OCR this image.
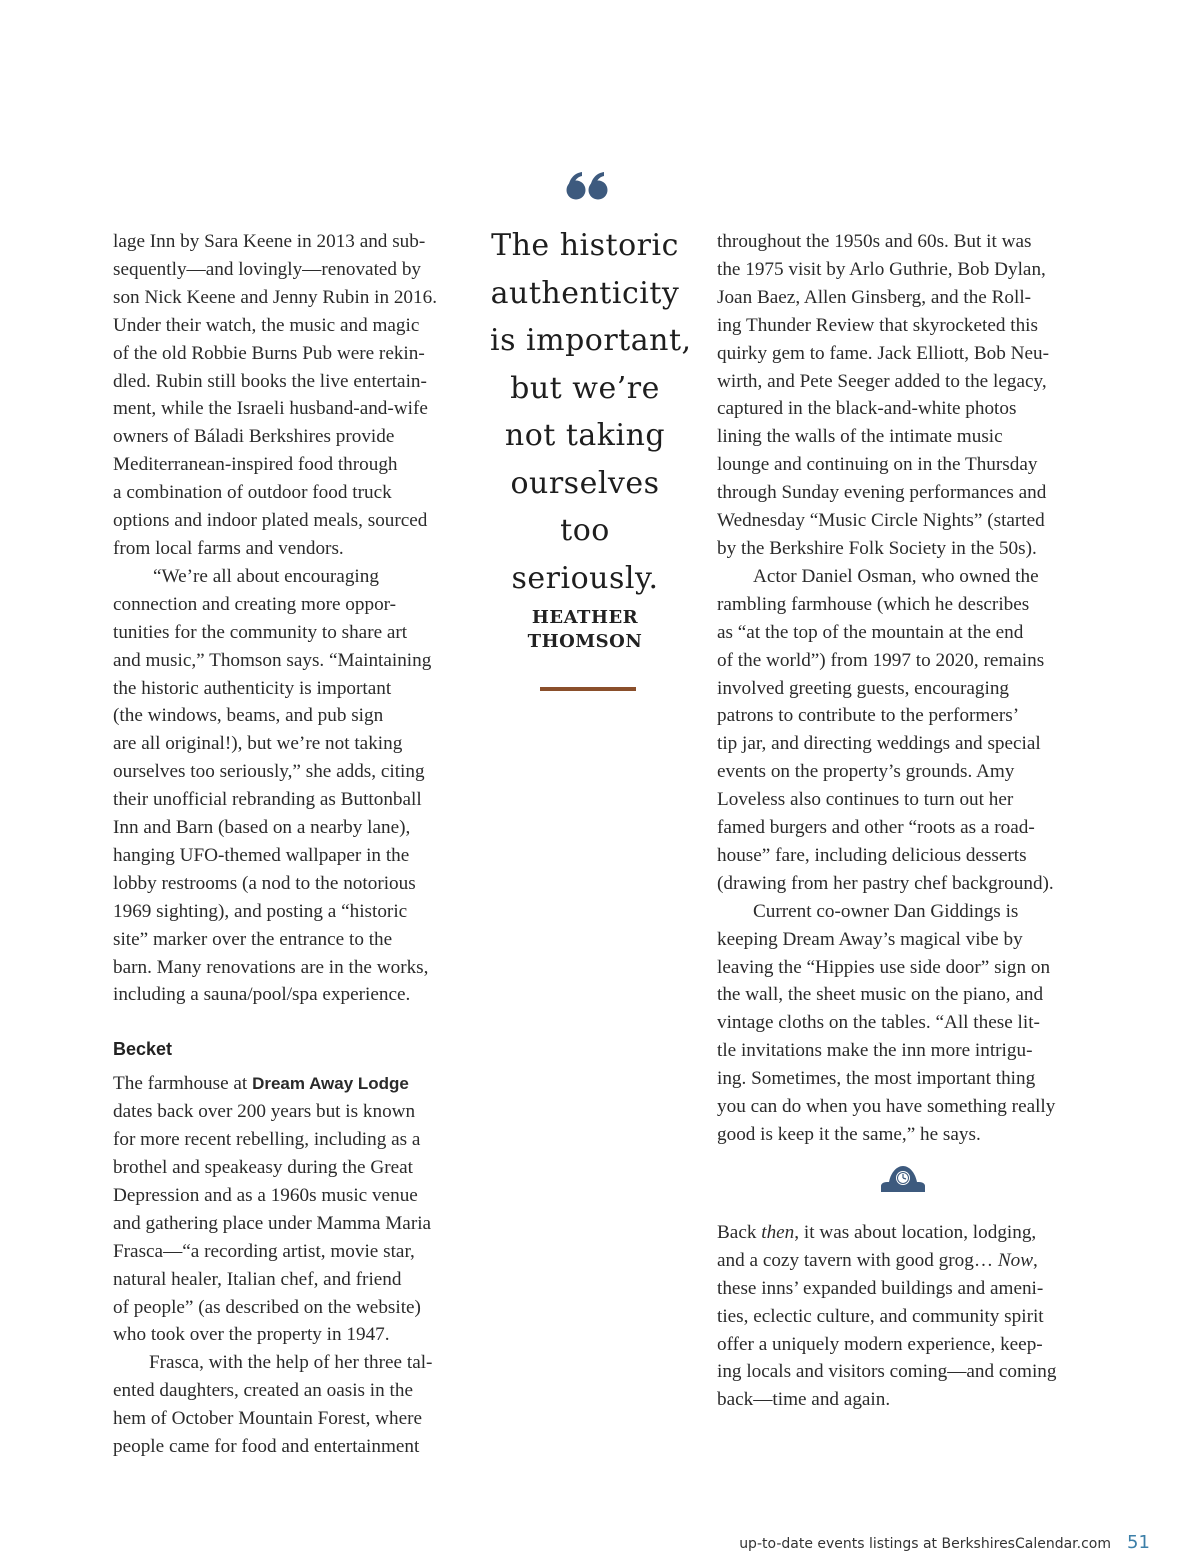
lage Inn by Sara Keene in 2013 and sub-
sequently—and lovingly—renovated by
son Nick Keene and Jenny Rubin in 2016.
Under their watch, the music and magic
of the old Robbie Burns Pub were rekin-
dled. Rubin still books the live entertain-
ment, while the Israeli husband-and-wife
owners of Báladi Berkshires provide
Mediterranean-inspired food through
a combination of outdoor food truck
options and indoor plated meals, sourced
from local farms and vendors.

“We’re all about encouraging
connection and creating more oppor-
tunities for the community to share art
and music,” Thomson says. “Maintaining
the historic authenticity is important
(the windows, beams, and pub sign
are all original!), but we’re not taking
ourselves too seriously,” she adds, citing
their unofficial rebranding as Buttonball
Inn and Barn (based on a nearby lane),
hanging UFO-themed wallpaper in the
lobby restrooms (a nod to the notorious
1969 sighting), and posting a “historic
site” marker over the entrance to the
barn. Many renovations are in the works,
including a sauna/pool/spa experience.

Becket

The farmhouse at Dream Away Lodge
dates back over 200 years but is known
for more recent rebelling, including as a
brothel and speakeasy during the Great
Depression and as a 1960s music venue
and gathering place under Mamma Maria
Frasca—“a recording artist, movie star,
natural healer, Italian chef, and friend
of people” (as described on the website)
who took over the property in 1947.

Frasca, with the help of her three tal-
ented daughters, created an oasis in the
hem of October Mountain Forest, where
people came for food and entertainment

The historic
authenticity
is important,
but we’re
not taking
ourselves
too
seriously.
HEATHER
THOMSON

throughout the 1950s and 60s. But it was
the 1975 visit by Arlo Guthrie, Bob Dylan,
Joan Baez, Allen Ginsberg, and the Roll-
ing Thunder Review that skyrocketed this
quirky gem to fame. Jack Elliott, Bob Neu-
wirth, and Pete Seeger added to the legacy,
captured in the black-and-white photos
lining the walls of the intimate music
lounge and continuing on in the Thursday
through Sunday evening performances and
Wednesday “Music Circle Nights” (started
by the Berkshire Folk Society in the 50s).

Actor Daniel Osman, who owned the
rambling farmhouse (which he describes
as “at the top of the mountain at the end
of the world”) from 1997 to 2020, remains
involved greeting guests, encouraging
patrons to contribute to the performers’
tip jar, and directing weddings and special
events on the property’s grounds. Amy
Loveless also continues to turn out her
famed burgers and other “roots as a road-
house” fare, including delicious desserts
(drawing from her pastry chef background).

Current co-owner Dan Giddings is
keeping Dream Away’s magical vibe by
leaving the “Hippies use side door” sign on
the wall, the sheet music on the piano, and
vintage cloths on the tables. “All these lit-
tle invitations make the inn more intrigu-
ing. Sometimes, the most important thing
you can do when you have something really
good is keep it the same,” he says.

Back then, it was about location, lodging,
and a cozy tavern with good grog… Now,
these inns’ expanded buildings and ameni-
ties, eclectic culture, and community spirit
offer a uniquely modern experience, keep-
ing locals and visitors coming—and coming
back—time and again.

up-to-date events listings at BerkshiresCalendar.com 51
